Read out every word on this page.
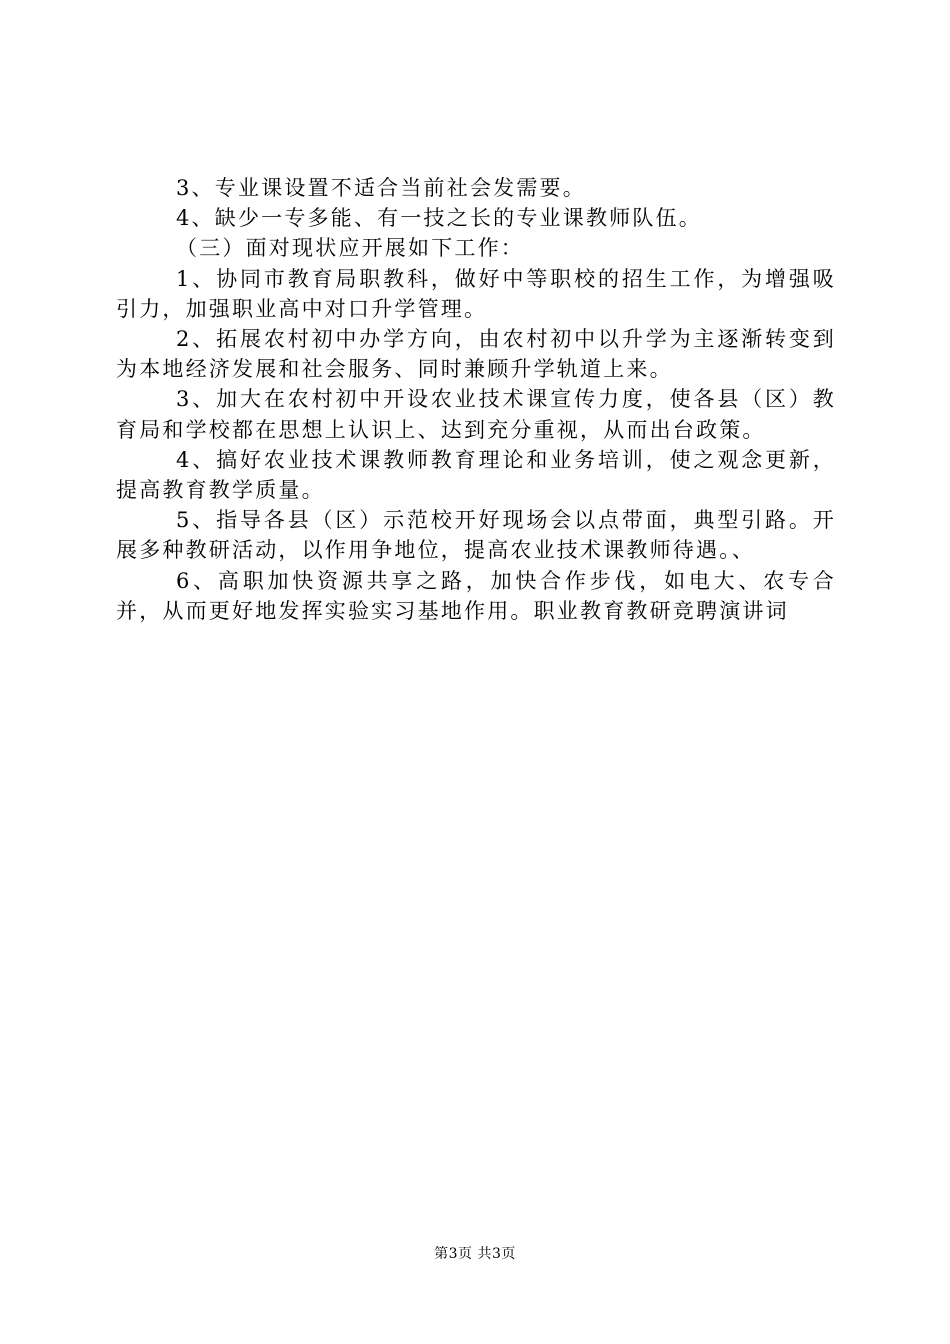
3、专业课设置不适合当前社会发需要。

4、缺少一专多能、有一技之长的专业课教师队伍。

（三）面对现状应开展如下工作：

1、协同市教育局职教科，做好中等职校的招生工作，为增强吸引力，加强职业高中对口升学管理。

2、拓展农村初中办学方向，由农村初中以升学为主逐渐转变到为本地经济发展和社会服务、同时兼顾升学轨道上来。

3、加大在农村初中开设农业技术课宣传力度，使各县（区）教育局和学校都在思想上认识上、达到充分重视，从而出台政策。

4、搞好农业技术课教师教育理论和业务培训，使之观念更新，提高教育教学质量。

5、指导各县（区）示范校开好现场会以点带面，典型引路。开展多种教研活动，以作用争地位，提高农业技术课教师待遇。、

6、高职加快资源共享之路，加快合作步伐，如电大、农专合并，从而更好地发挥实验实习基地作用。职业教育教研竞聘演讲词

第3页 共3页
